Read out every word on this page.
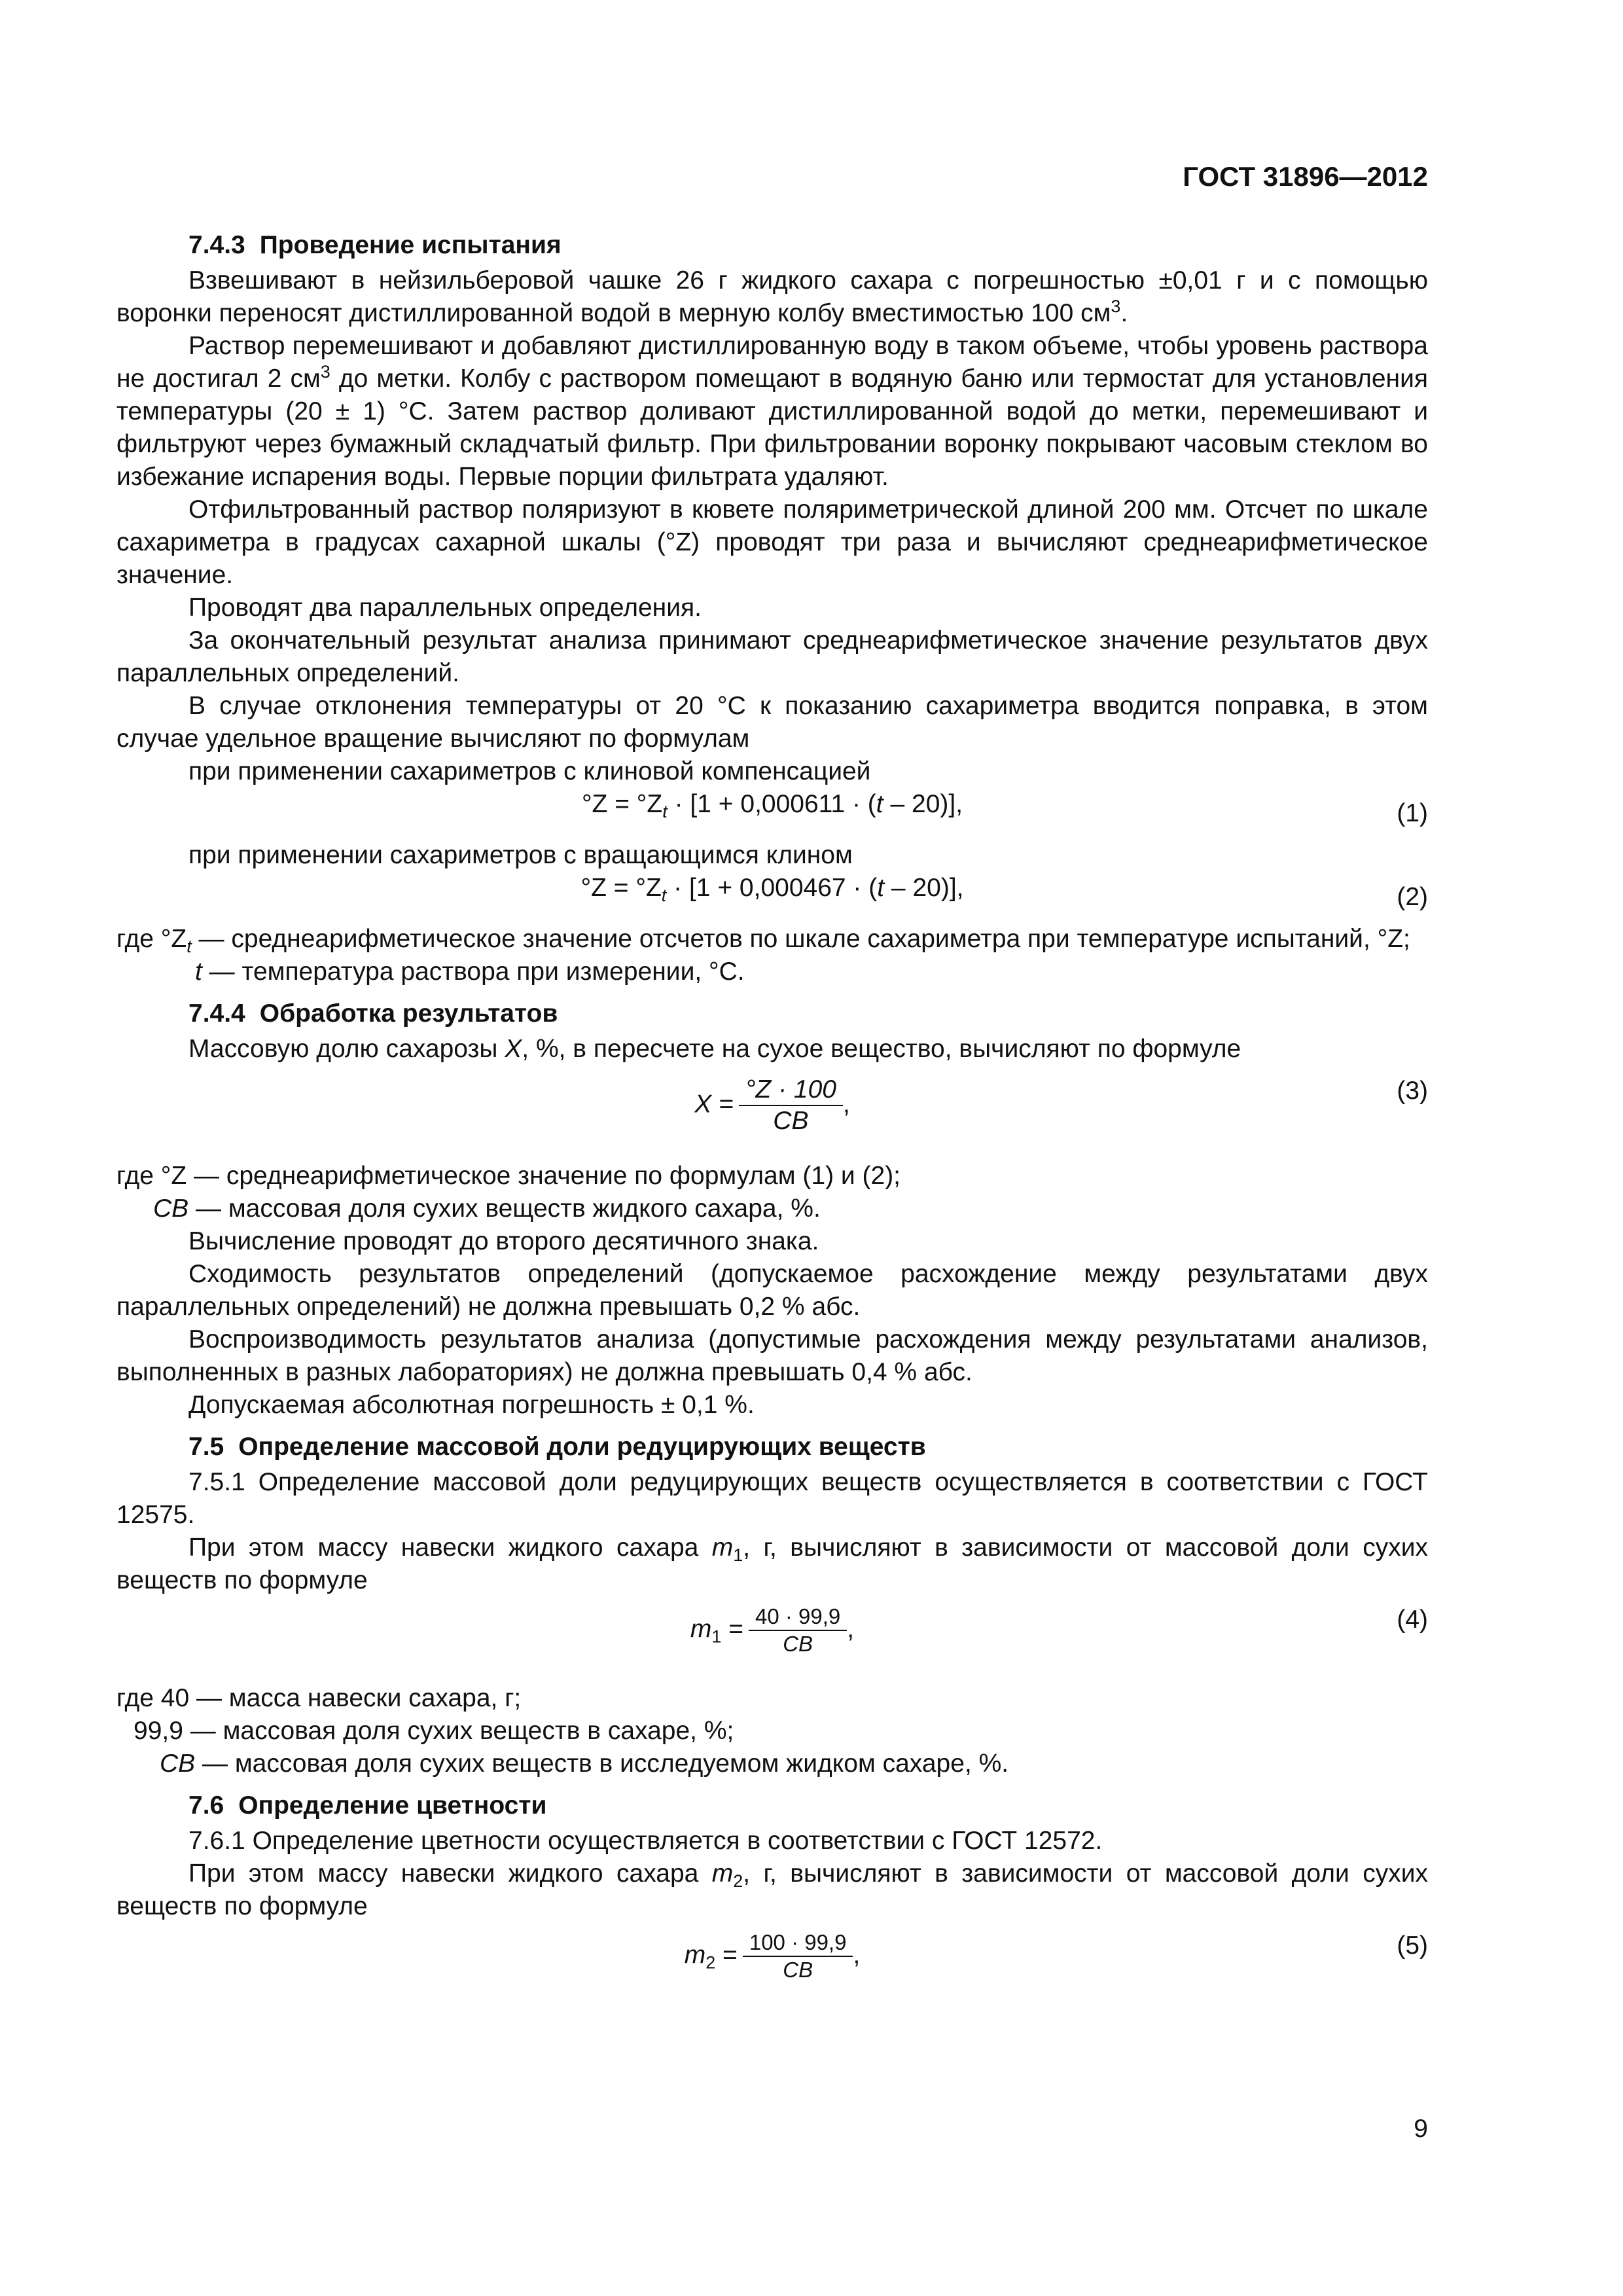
ГОСТ 31896—2012
7.4.3 Проведение испытания

Взвешивают в нейзильберовой чашке 26 г жидкого сахара с погрешностью ±0,01 г и с помощью воронки переносят дистиллированной водой в мерную колбу вместимостью 100 $см^3$.

Раствор перемешивают и добавляют дистиллированную воду в таком объеме, чтобы уровень раствора не достигал 2 $см^3$ до метки. Колбу с раствором помещают в водяную баню или термостат для установления температуры (20 ± 1) °C. Затем раствор доливают дистиллированной водой до метки, перемешивают и фильтруют через бумажный складчатый фильтр. При фильтровании воронку покрывают часовым стеклом во избежание испарения воды. Первые порции фильтрата удаляют.

Отфильтрованный раствор поляризуют в кювете поляриметрической длиной 200 мм. Отсчет по шкале сахариметра в градусах сахарной шкалы (°Z) проводят три раза и вычисляют среднеарифметическое значение.

Проводят два параллельных определения.

За окончательный результат анализа принимают среднеарифметическое значение результатов двух параллельных определений.

В случае отклонения температуры от 20 °C к показанию сахариметра вводится поправка, в этом случае удельное вращение вычисляют по формулам

при применении сахариметров с клиновой компенсацией

$^\circ Z = ^\circ Z_t \cdot [1 + 0,000611 \cdot (t - 20)]$,	(1)

при применении сахариметров с вращающимся клином

$^\circ Z = ^\circ Z_t \cdot [1 + 0,000467 \cdot (t - 20)]$,	(2)

где $^\circ Z_t$ — среднеарифметическое значение отсчетов по шкале сахариметра при температуре испытаний, °Z;

t — температура раствора при измерении, °C.

7.4.4 Обработка результатов

Массовую долю сахарозы X, %, в пересчете на сухое вещество, вычисляют по формуле

$X = \frac{^\circ Z \cdot 100}{CB}$ ,	(3)

где °Z — среднеарифметическое значение по формулам (1) и (2);

CB — массовая доля сухих веществ жидкого сахара, %.

Вычисление проводят до второго десятичного знака.

Сходимость результатов определений (допускаемое расхождение между результатами двух параллельных определений) не должна превышать 0,2 % абс.

Воспроизводимость результатов анализа (допустимые расхождения между результатами анализов, выполненных в разных лабораториях) не должна превышать 0,4 % абс.

Допускаемая абсолютная погрешность ± 0,1 %.

7.5 Определение массовой доли редуцирующих веществ

7.5.1 Определение массовой доли редуцирующих веществ осуществляется в соответствии с ГОСТ 12575.

При этом массу навески жидкого сахара $m_1$, г, вычисляют в зависимости от массовой доли сухих веществ по формуле

$m_1 = \frac{40 \cdot 99,9}{CB}$ ,	(4)

где 40 — масса навески сахара, г;

99,9 — массовая доля сухих веществ в сахаре, %;

CB — массовая доля сухих веществ в исследуемом жидком сахаре, %.

7.6 Определение цветности

7.6.1 Определение цветности осуществляется в соответствии с ГОСТ 12572.

При этом массу навески жидкого сахара $m_2$, г, вычисляют в зависимости от массовой доли сухих веществ по формуле

$m_2 = \frac{100 \cdot 99,9}{CB}$ ,	(5)
9
